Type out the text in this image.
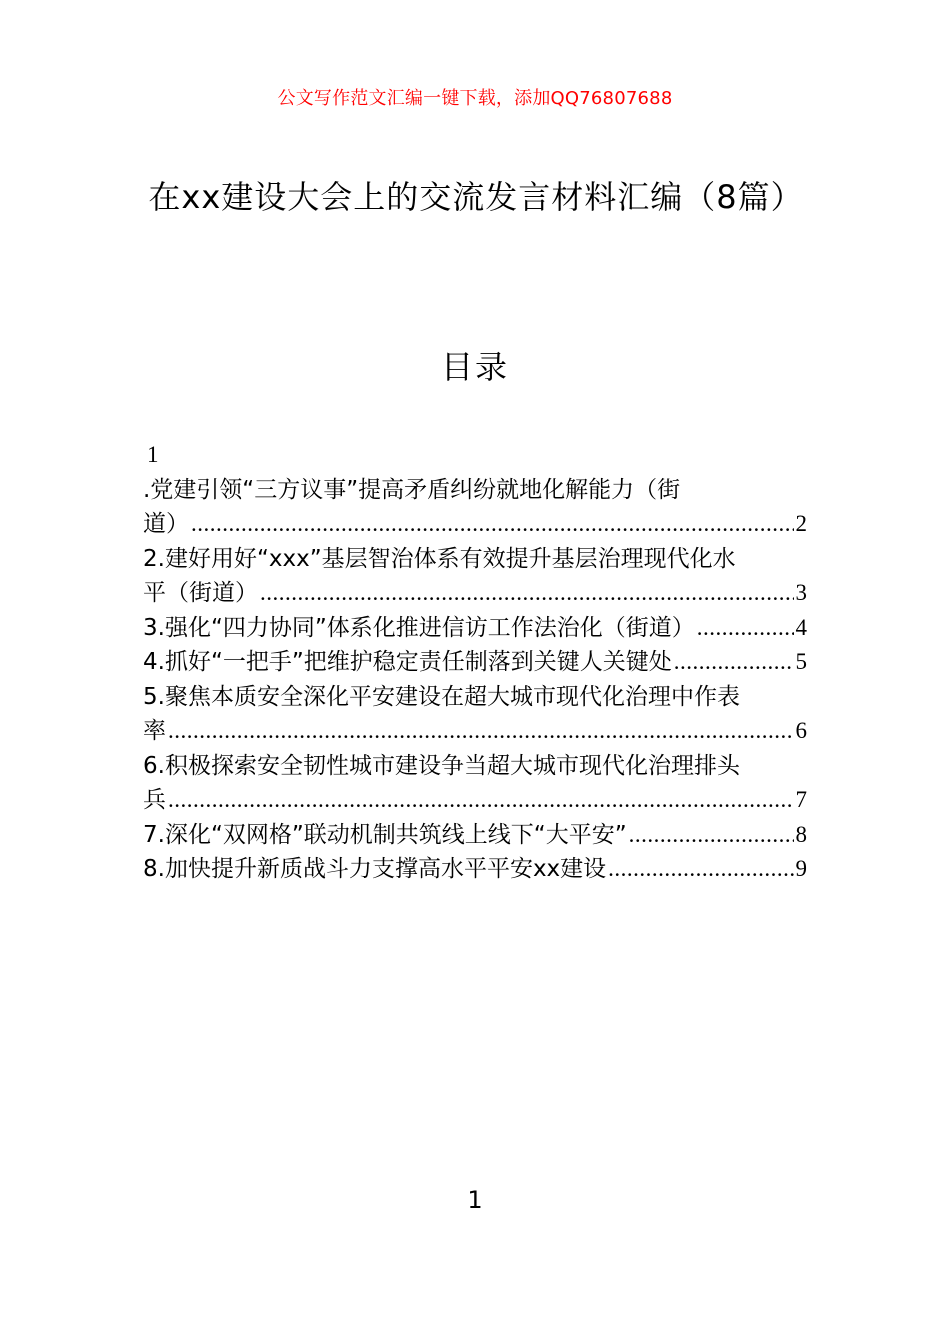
公文写作范文汇编一键下载，添加QQ76807688
在xx建设大会上的交流发言材料汇编（8篇）
目录
1
.党建引领“三方议事”提高矛盾纠纷就地化解能力（街
道） .....	2
2.建好用好“xxx”基层智治体系有效提升基层治理现代化水
平（街道） .....	3
3.强化“四力协同”体系化推进信访工作法治化（街道） .....	4
4.抓好“一把手”把维护稳定责任制落到关键人关键处 .....	5
5.聚焦本质安全深化平安建设在超大城市现代化治理中作表
率 .....	6
6.积极探索安全韧性城市建设争当超大城市现代化治理排头
兵 .....	7
7.深化“双网格”联动机制共筑线上线下“大平安” .....	8
8.加快提升新质战斗力支撑高水平平安xx建设 .....	9
1
